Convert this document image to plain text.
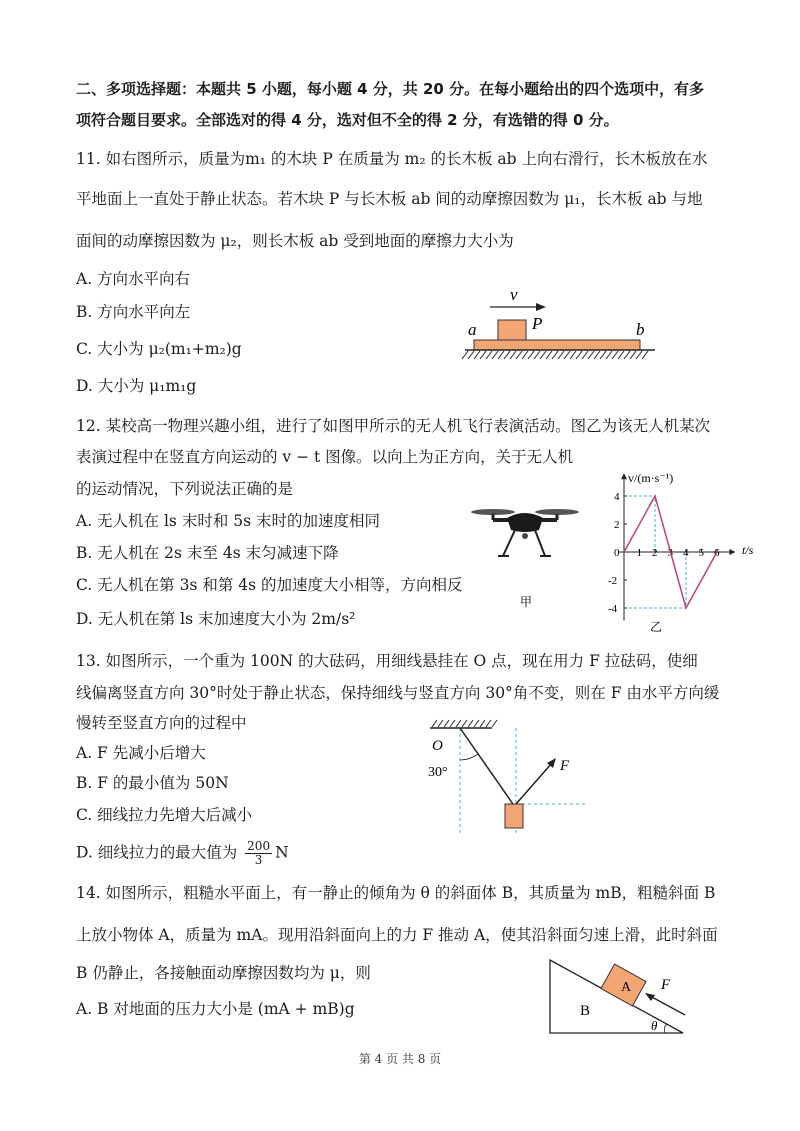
二、多项选择题：本题共 5 小题，每小题 4 分，共 20 分。在每小题给出的四个选项中，有多
项符合题目要求。全部选对的得 4 分，选对但不全的得 2 分，有选错的得 0 分。
11. 如右图所示，质量为m₁ 的木块 P 在质量为 m₂ 的长木板 ab 上向右滑行，长木板放在水
平地面上一直处于静止状态。若木块 P 与长木板 ab 间的动摩擦因数为 μ₁，长木板 ab 与地
面间的动摩擦因数为 μ₂，则长木板 ab 受到地面的摩擦力大小为
A. 方向水平向右
B. 方向水平向左
C. 大小为 μ₂(m₁+m₂)g
D. 大小为 μ₁m₁g
v
P
a	b
12. 某校高一物理兴趣小组，进行了如图甲所示的无人机飞行表演活动。图乙为该无人机某次
表演过程中在竖直方向运动的 v − t 图像。以向上为正方向，关于无人机
的运动情况，下列说法正确的是
A. 无人机在 ls 末时和 5s 末时的加速度相同
B. 无人机在 2s 末至 4s 末匀减速下降
C. 无人机在第 3s 和第 4s 的加速度大小相等，方向相反
D. 无人机在第 ls 末加速度大小为 2m/s²
甲
1 2 3 4 5 6
4
2
-2
-4
0
v/(m·s⁻¹)
t/s
乙
13. 如图所示，一个重为 100N 的大砝码，用细线悬挂在 O 点，现在用力 F 拉砝码，使细
线偏离竖直方向 30°时处于静止状态，保持细线与竖直方向 30°角不变，则在 F 由水平方向缓
慢转至竖直方向的过程中
A. F 先减小后增大
B. F 的最小值为 50N
C. 细线拉力先增大后减小
D. 细线拉力的最大值为 $\frac{200}{3}$ N
O
30°	F
14. 如图所示，粗糙水平面上，有一静止的倾角为 θ 的斜面体 B，其质量为 mB，粗糙斜面 B
上放小物体 A，质量为 mA。现用沿斜面向上的力 F 推动 A，使其沿斜面匀速上滑，此时斜面
B 仍静止，各接触面动摩擦因数均为 μ，则
A. B 对地面的压力大小是 (mA + mB)g	B
A F
θ
第 4 页 共 8 页
